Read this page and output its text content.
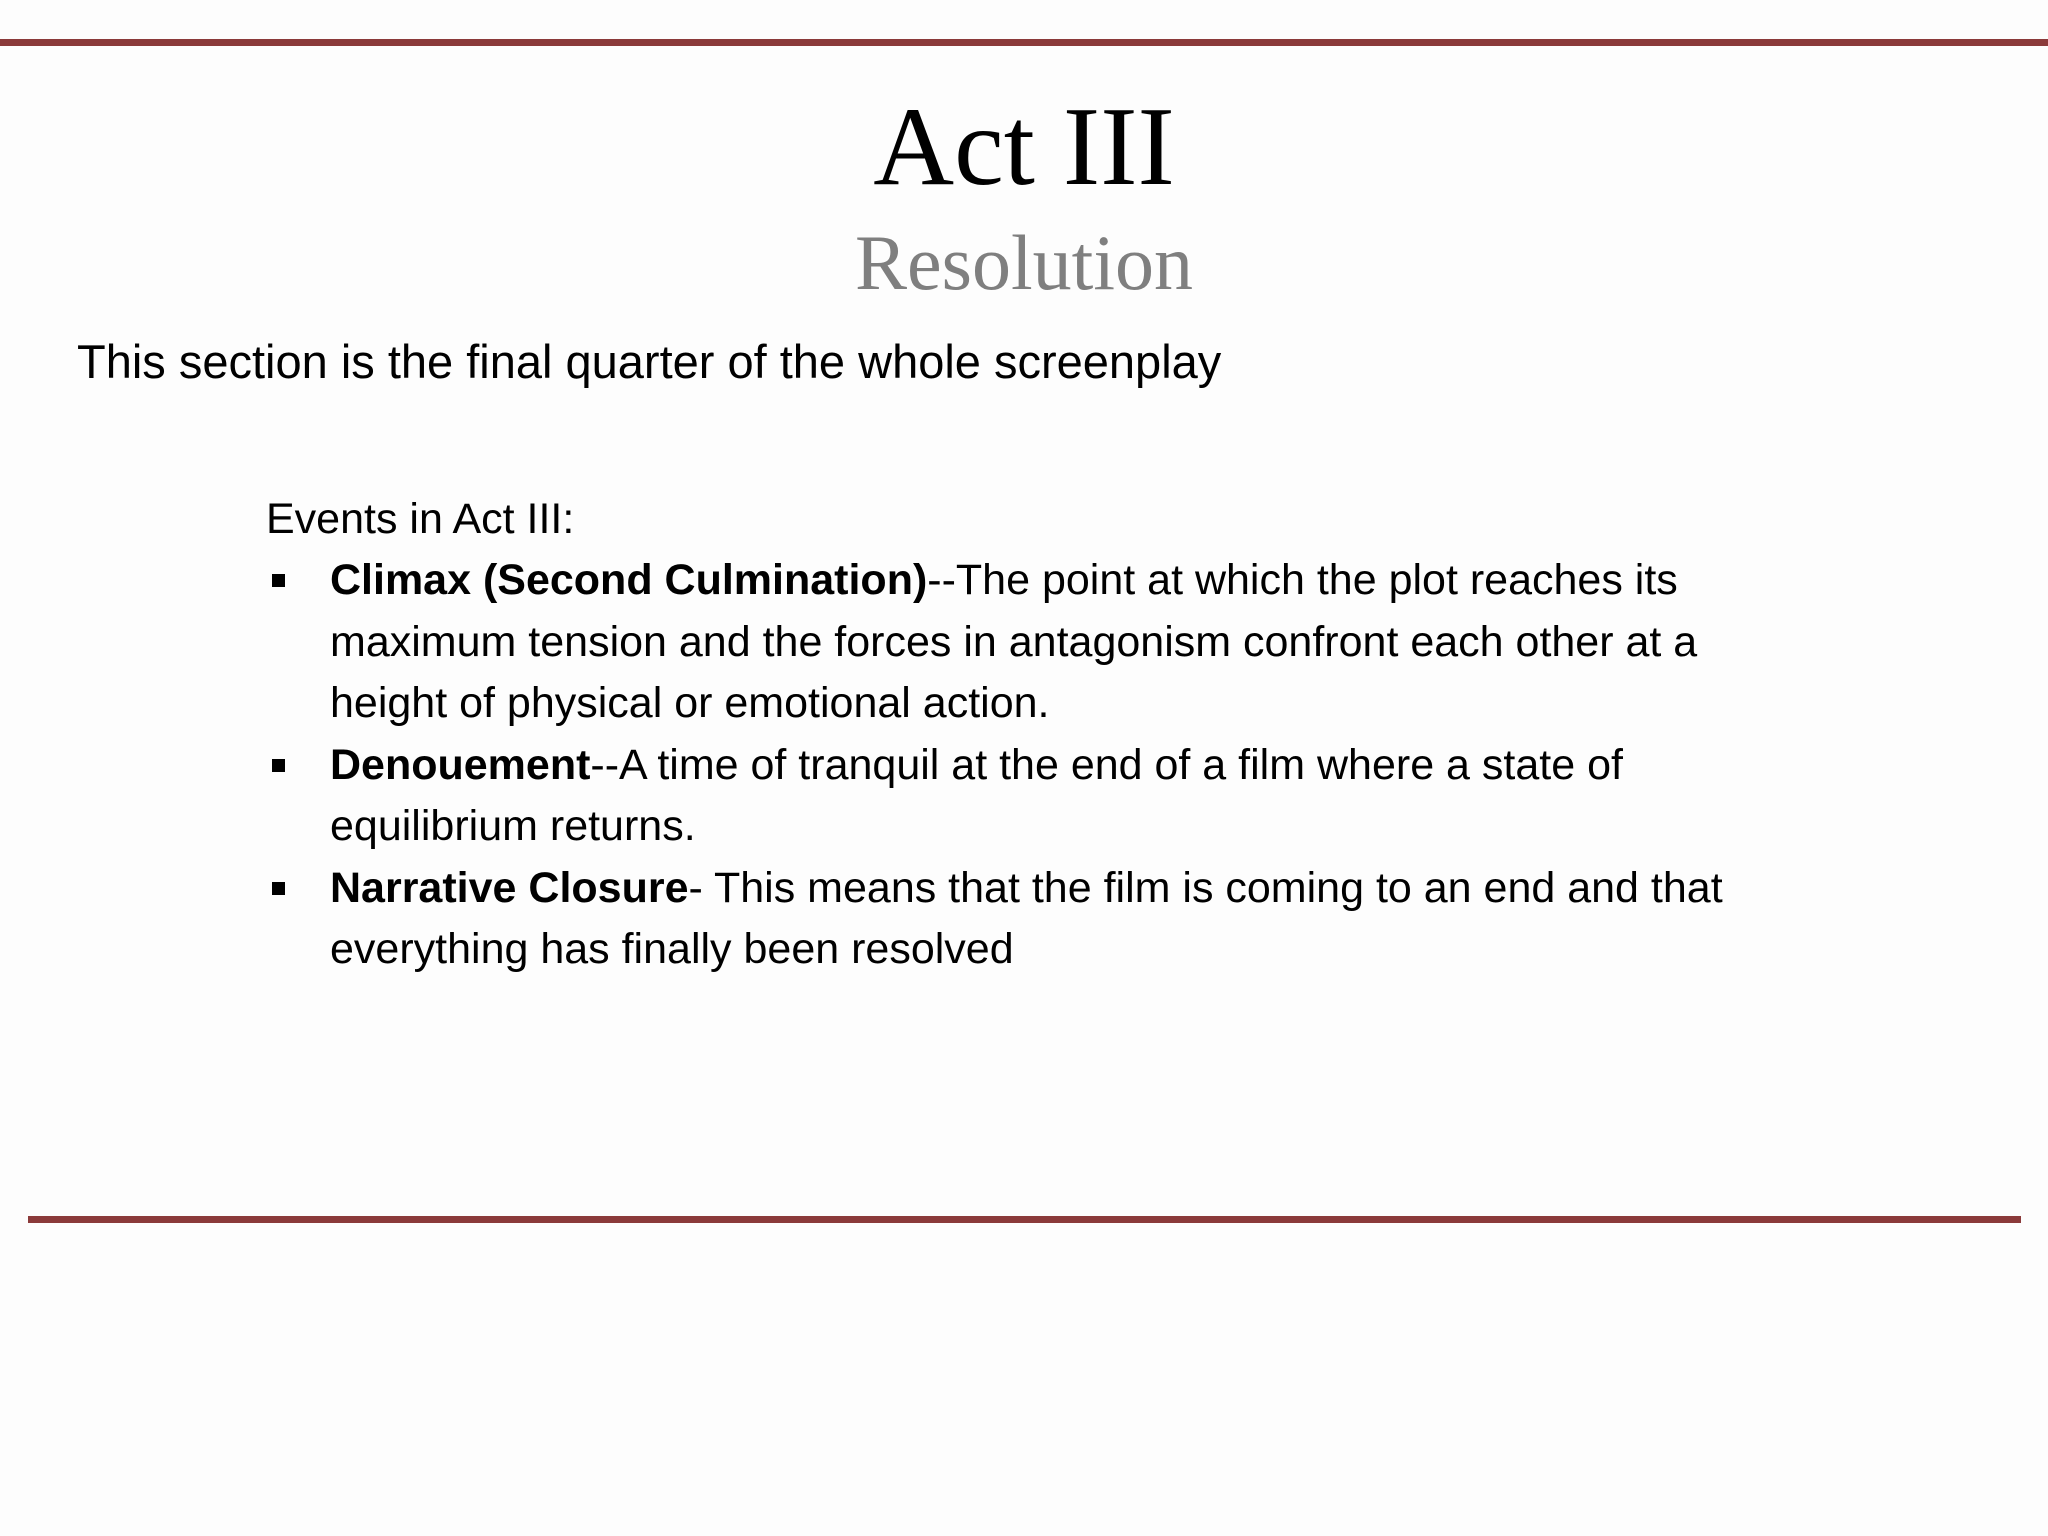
Act III
Resolution

This section is the final quarter of the whole screenplay

Events in Act III:

Climax (Second Culmination)--The point at which the plot reaches its maximum tension and the forces in antagonism confront each other at a height of physical or emotional action.
Denouement--A time of tranquil at the end of a film where a state of equilibrium returns.
Narrative Closure- This means that the film is coming to an end and that everything has finally been resolved
